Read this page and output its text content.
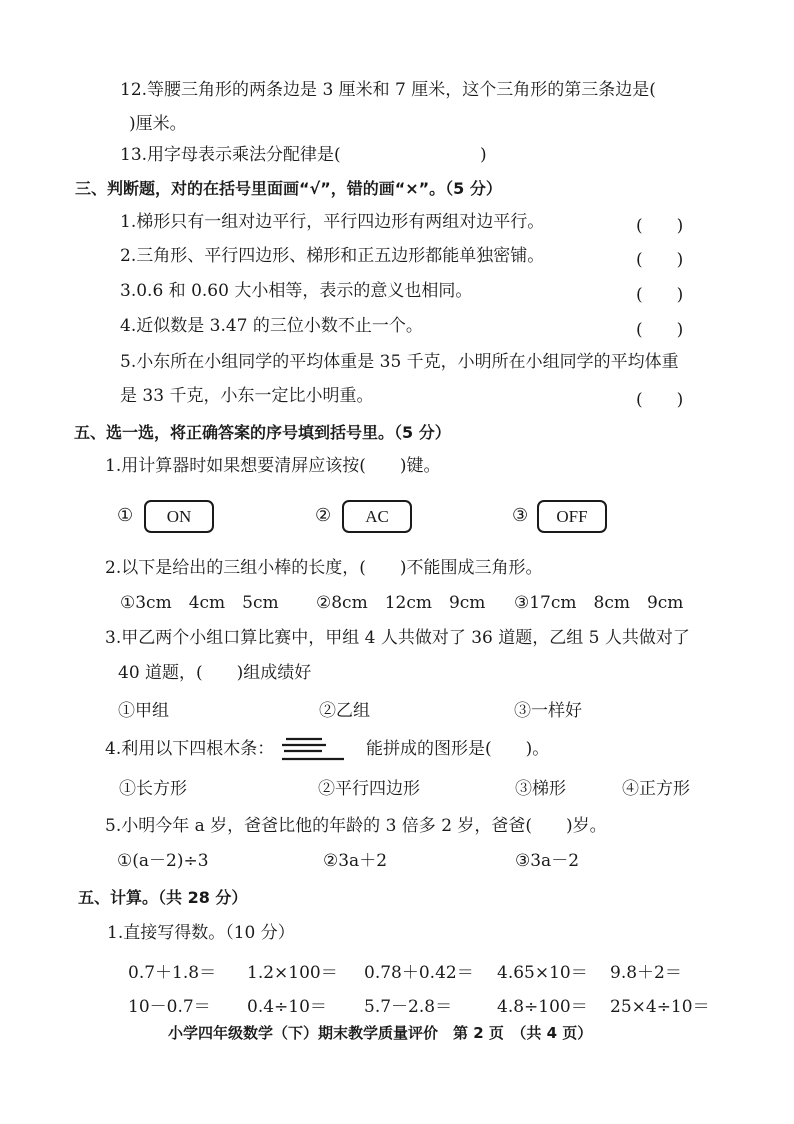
12.等腰三角形的两条边是 3 厘米和 7 厘米，这个三角形的第三条边是(
)厘米。
13.用字母表示乘法分配律是(	)
三、判断题，对的在括号里面画“√”，错的画“×”。（5 分）
1.梯形只有一组对边平行，平行四边形有两组对边平行。	(　　)
2.三角形、平行四边形、梯形和正五边形都能单独密铺。	(　　)
3.0.6 和 0.60 大小相等，表示的意义也相同。	(　　)
4.近似数是 3.47 的三位小数不止一个。	(　　)
5.小东所在小组同学的平均体重是 35 千克，小明所在小组同学的平均体重
是 33 千克，小东一定比小明重。	(　　)
五、选一选，将正确答案的序号填到括号里。（5 分）
1.用计算器时如果想要清屏应该按(　　)键。
①	ON	②	AC	③	OFF
2.以下是给出的三组小棒的长度，(　　)不能围成三角形。
①3cm　4cm　5cm ②8cm　12cm　9cm ③17cm　8cm　9cm
3.甲乙两个小组口算比赛中，甲组 4 人共做对了 36 道题，乙组 5 人共做对了
40 道题，(　　)组成绩好
①甲组	②乙组	③一样好
4.利用以下四根木条：	能拼成的图形是(　　)。
①长方形	②平行四边形	③梯形	④正方形
5.小明今年 a 岁，爸爸比他的年龄的 3 倍多 2 岁，爸爸(　　)岁。
①(a－2)÷3	②3a＋2	③3a－2
五、计算。（共 28 分）
1.直接写得数。（10 分）
0.7＋1.8＝ 1.2×100＝ 0.78＋0.42＝ 4.65×10＝ 9.8＋2＝
10－0.7＝ 0.4÷10＝ 5.7－2.8＝	4.8÷100＝ 25×4÷10＝
小学四年级数学（下）期末教学质量评价　第 2 页　（共 4 页）
